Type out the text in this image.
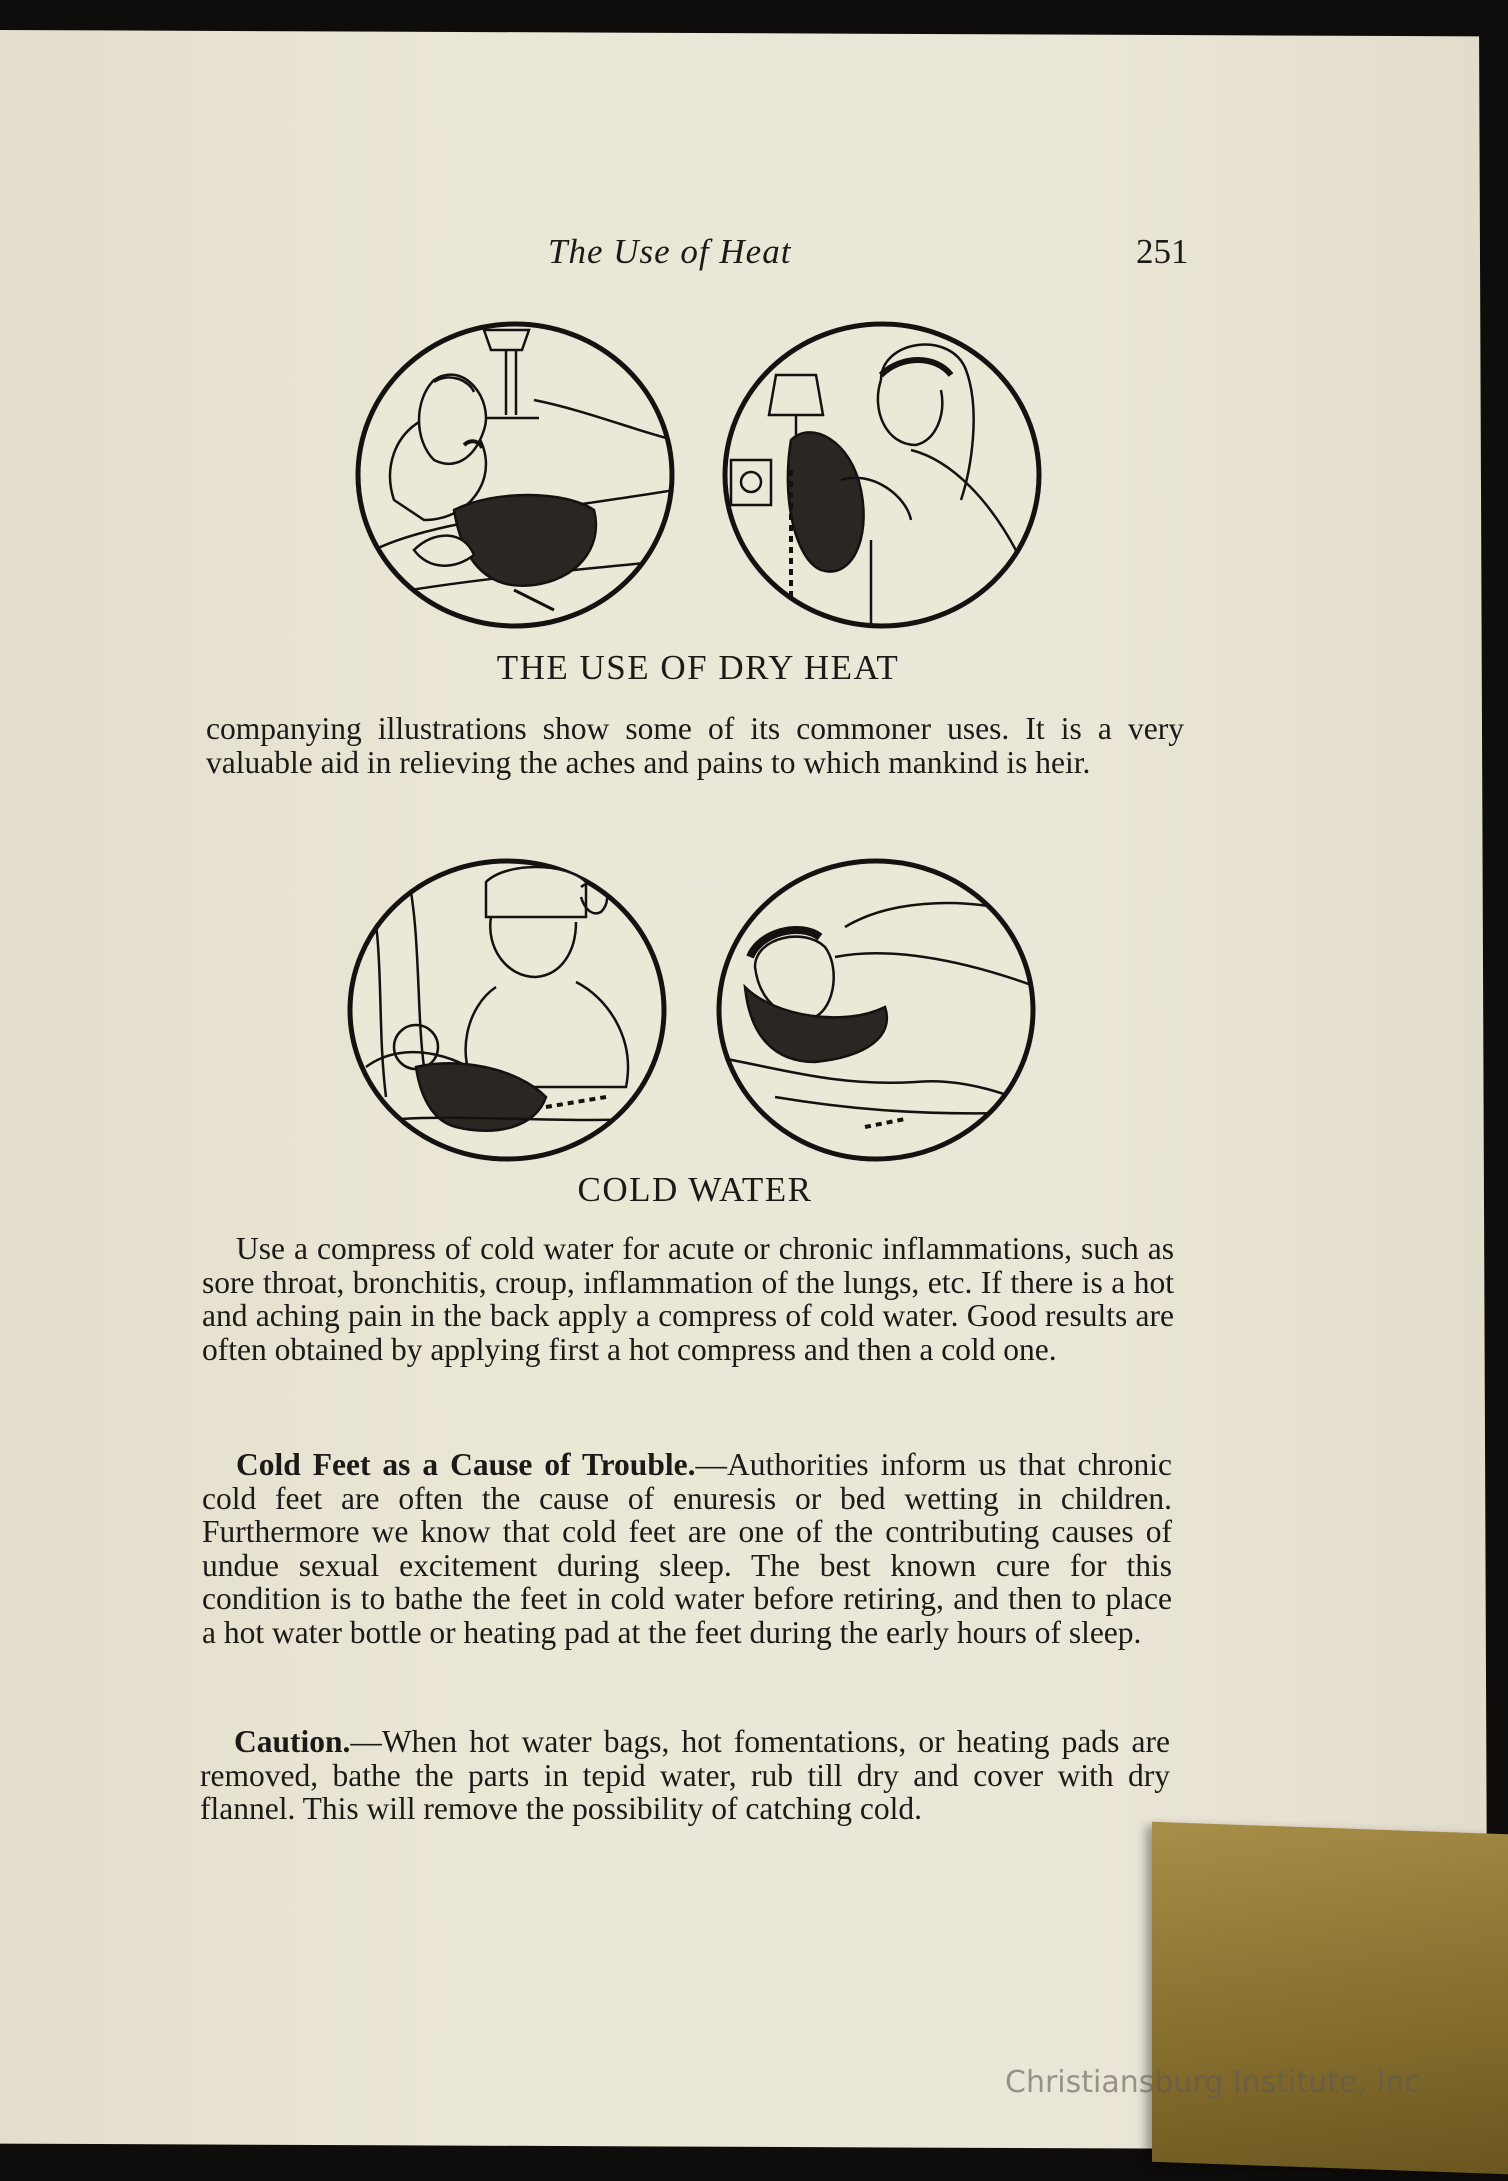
The Use of Heat	251
THE USE OF DRY HEAT
companying illustrations show some of its commoner uses. It is a very valuable aid in relieving the aches and pains to which mankind is heir.
COLD WATER
Use a compress of cold water for acute or chronic inflammations, such as sore throat, bronchitis, croup, inflammation of the lungs, etc. If there is a hot and aching pain in the back apply a compress of cold water. Good results are often obtained by applying first a hot compress and then a cold one.
Cold Feet as a Cause of Trouble.—Authorities inform us that chronic cold feet are often the cause of enuresis or bed wetting in children. Furthermore we know that cold feet are one of the contributing causes of undue sexual excitement during sleep. The best known cure for this condition is to bathe the feet in cold water before retiring, and then to place a hot water bottle or heating pad at the feet during the early hours of sleep.
Caution.—When hot water bags, hot fomentations, or heating pads are removed, bathe the parts in tepid water, rub till dry and cover with dry flannel. This will remove the possibility of catching cold.
Christiansburg Institute, Inc
